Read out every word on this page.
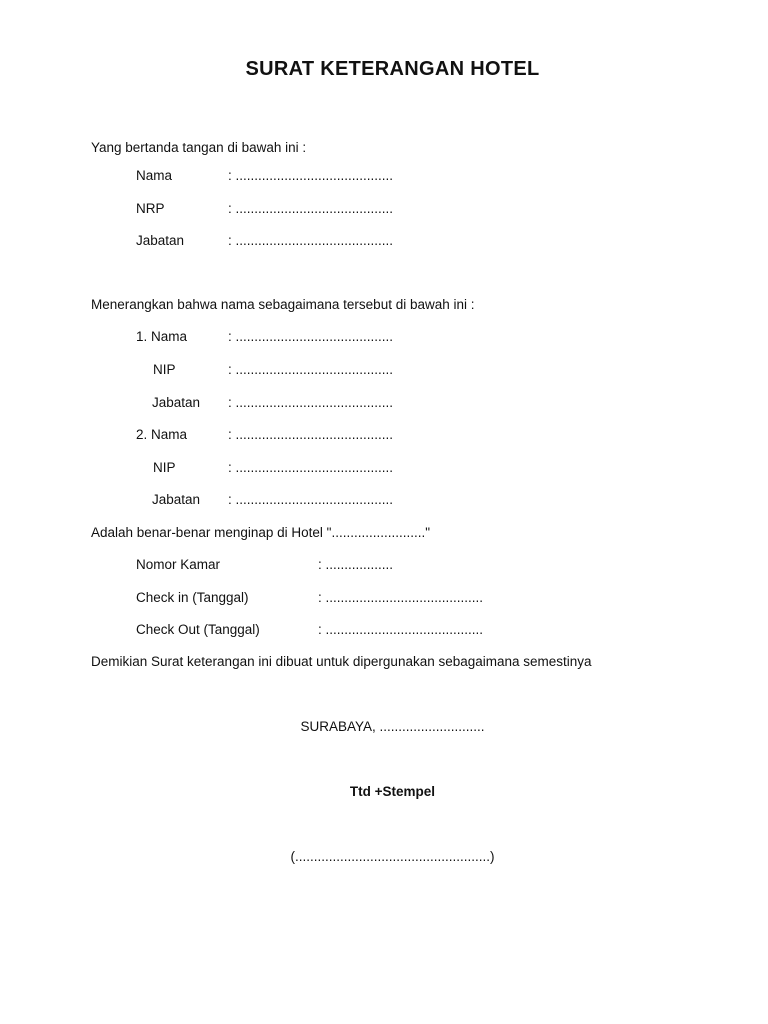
SURAT KETERANGAN HOTEL
Yang bertanda tangan di bawah ini :
Nama	: ..........................................
NRP	: ..........................................
Jabatan	: ..........................................
Menerangkan bahwa nama sebagaimana tersebut di bawah ini :
1. Nama	: ..........................................
NIP	: ..........................................
Jabatan : ..........................................
2. Nama	: ..........................................
NIP	: ..........................................
Jabatan : ..........................................
Adalah benar-benar menginap di Hotel "........................."
Nomor Kamar	: ..................
Check in (Tanggal)	: ..........................................
Check Out (Tanggal)	: ..........................................
Demikian Surat keterangan ini dibuat untuk dipergunakan sebagaimana semestinya
SURABAYA, ............................
Ttd +Stempel
(....................................................)
